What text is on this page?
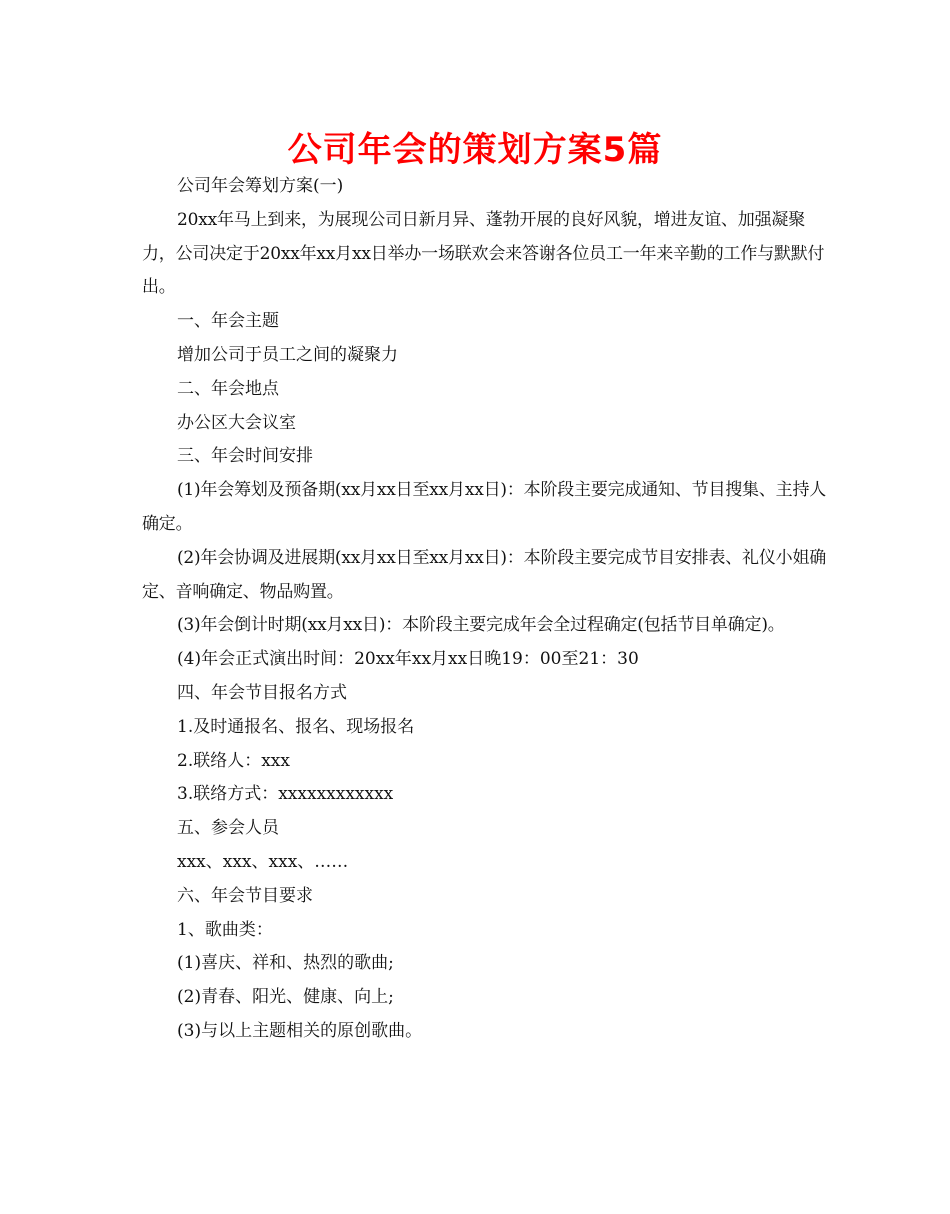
公司年会的策划方案5篇

公司年会筹划方案(一)

20xx年马上到来，为展现公司日新月异、蓬勃开展的良好风貌，增进友谊、加强凝聚力，公司决定于20xx年xx月xx日举办一场联欢会来答谢各位员工一年来辛勤的工作与默默付出。

一、年会主题

增加公司于员工之间的凝聚力

二、年会地点

办公区大会议室

三、年会时间安排

(1)年会筹划及预备期(xx月xx日至xx月xx日)：本阶段主要完成通知、节目搜集、主持人确定。

(2)年会协调及进展期(xx月xx日至xx月xx日)：本阶段主要完成节目安排表、礼仪小姐确定、音响确定、物品购置。

(3)年会倒计时期(xx月xx日)：本阶段主要完成年会全过程确定(包括节目单确定)。

(4)年会正式演出时间：20xx年xx月xx日晚19：00至21：30

四、年会节目报名方式

1.及时通报名、报名、现场报名

2.联络人：xxx

3.联络方式：xxxxxxxxxxxx

五、参会人员

xxx、xxx、xxx、……

六、年会节目要求

1、歌曲类：

(1)喜庆、祥和、热烈的歌曲;

(2)青春、阳光、健康、向上;

(3)与以上主题相关的原创歌曲。
